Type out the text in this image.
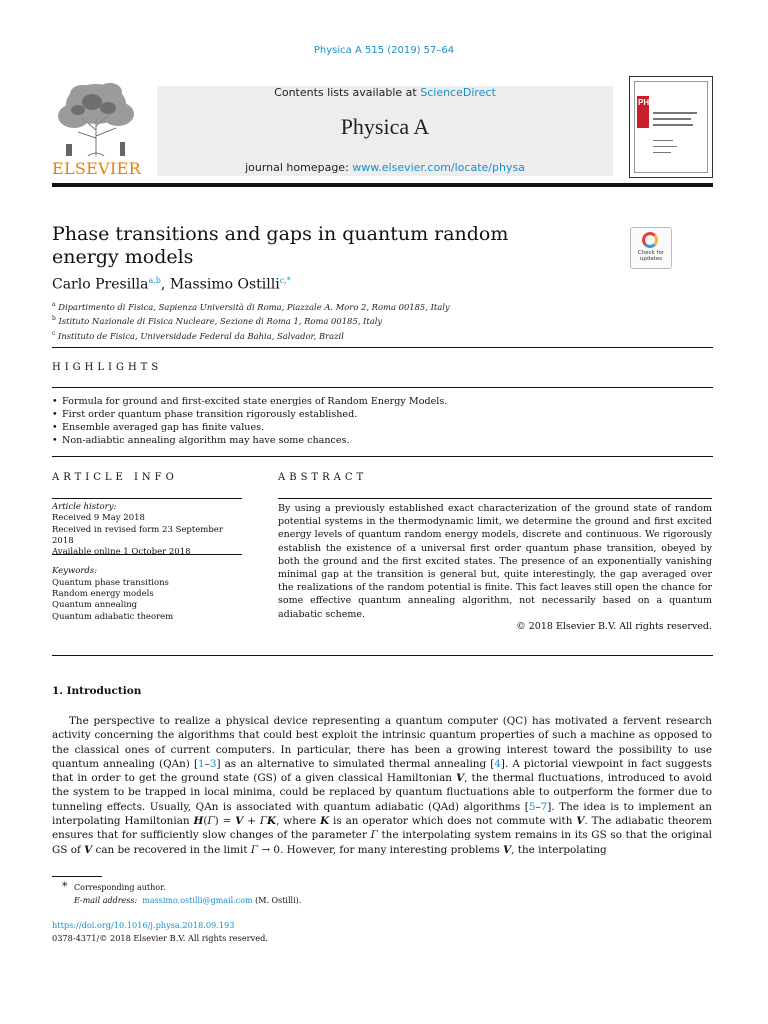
Physica A 515 (2019) 57–64
ELSEVIER
Contents lists available at ScienceDirect
Physica A
journal homepage: www.elsevier.com/locate/physa
PHYSICA
Phase transitions and gaps in quantum random energy models	Check for updates
Carlo Presilla$^{a,b}$, Massimo Ostilli$^{c,*}$
$^a$ Dipartimento di Fisica, Sapienza Università di Roma, Piazzale A. Moro 2, Roma 00185, Italy
$^b$ Istituto Nazionale di Fisica Nucleare, Sezione di Roma 1, Roma 00185, Italy
$^c$ Instituto de Fisica, Universidade Federal da Bahia, Salvador, Brazil
HIGHLIGHTS
• Formula for ground and first-excited state energies of Random Energy Models.
• First order quantum phase transition rigorously established.
• Ensemble averaged gap has finite values.
• Non-adiabtic annealing algorithm may have some chances.
ARTICLE INFO	ABSTRACT
Article history:
Received 9 May 2018
Received in revised form 23 September 2018
Available online 1 October 2018
Keywords:
Quantum phase transitions
Random energy models
Quantum annealing
Quantum adiabatic theorem
By using a previously established exact characterization of the ground state of random potential systems in the thermodynamic limit, we determine the ground and first excited energy levels of quantum random energy models, discrete and continuous. We rigorously establish the existence of a universal first order quantum phase transition, obeyed by both the ground and the first excited states. The presence of an exponentially vanishing minimal gap at the transition is general but, quite interestingly, the gap averaged over the realizations of the random potential is finite. This fact leaves still open the chance for some effective quantum annealing algorithm, not necessarily based on a quantum adiabatic scheme.
© 2018 Elsevier B.V. All rights reserved.
1. Introduction
The perspective to realize a physical device representing a quantum computer (QC) has motivated a fervent research activity concerning the algorithms that could best exploit the intrinsic quantum properties of such a machine as opposed to the classical ones of current computers. In particular, there has been a growing interest toward the possibility to use quantum annealing (QAn) [1–3] as an alternative to simulated thermal annealing [4]. A pictorial viewpoint in fact suggests that in order to get the ground state (GS) of a given classical Hamiltonian V, the thermal fluctuations, introduced to avoid the system to be trapped in local minima, could be replaced by quantum fluctuations able to outperform the former due to tunneling effects. Usually, QAn is associated with quantum adiabatic (QAd) algorithms [5–7]. The idea is to implement an interpolating Hamiltonian H(Γ) = V + ΓK, where K is an operator which does not commute with V. The adiabatic theorem ensures that for sufficiently slow changes of the parameter Γ the interpolating system remains in its GS so that the original GS of V can be recovered in the limit Γ → 0. However, for many interesting problems V, the interpolating
* Corresponding author.
E-mail address: massimo.ostilli@gmail.com (M. Ostilli).
https://doi.org/10.1016/j.physa.2018.09.193
0378-4371/© 2018 Elsevier B.V. All rights reserved.
